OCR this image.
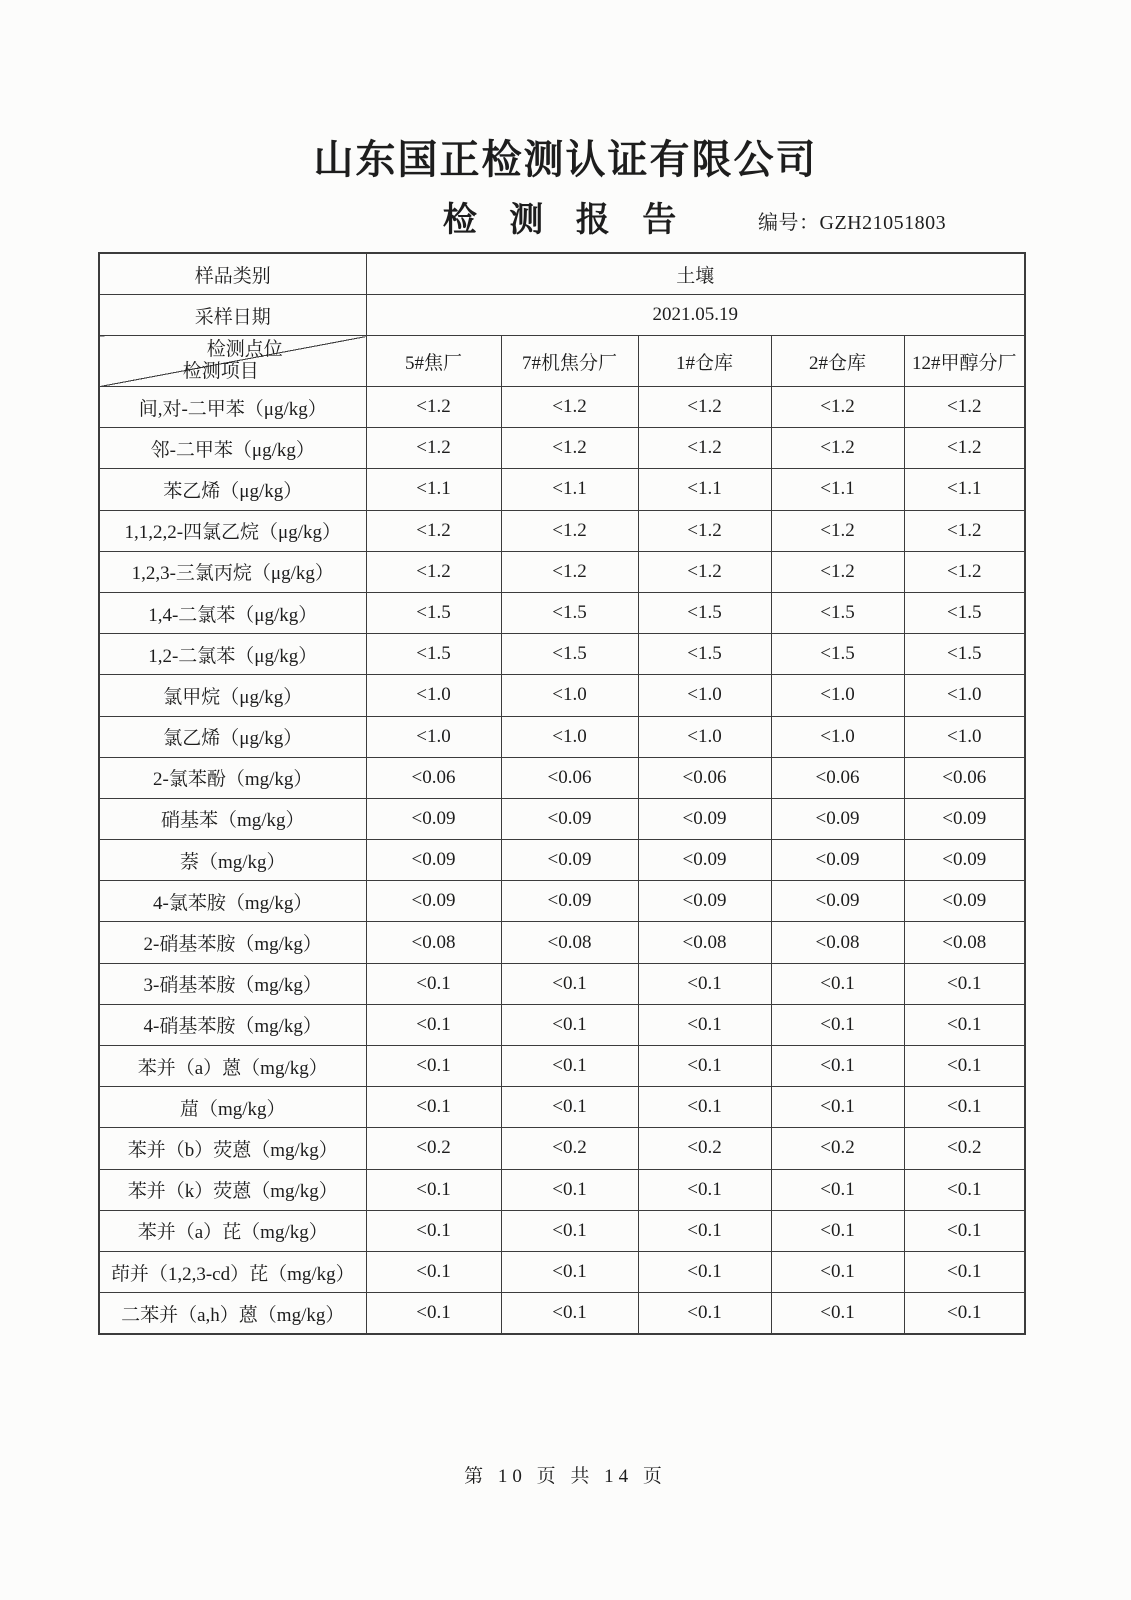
山东国正检测认证有限公司
检 测 报 告	编号：GZH21051803
样品类别	土壤				
采样日期	2021.05.19				

检测点位
检测项目	5#焦厂	7#机焦分厂	1#仓库	2#仓库	12#甲醇分厂
间,对-二甲苯（μg/kg）	<1.2	<1.2	<1.2	<1.2	<1.2
邻-二甲苯（μg/kg）	<1.2	<1.2	<1.2	<1.2	<1.2
苯乙烯（μg/kg）	<1.1	<1.1	<1.1	<1.1	<1.1
1,1,2,2-四氯乙烷（μg/kg）	<1.2	<1.2	<1.2	<1.2	<1.2
1,2,3-三氯丙烷（μg/kg）	<1.2	<1.2	<1.2	<1.2	<1.2
1,4-二氯苯（μg/kg）	<1.5	<1.5	<1.5	<1.5	<1.5
1,2-二氯苯（μg/kg）	<1.5	<1.5	<1.5	<1.5	<1.5
氯甲烷（μg/kg）	<1.0	<1.0	<1.0	<1.0	<1.0
氯乙烯（μg/kg）	<1.0	<1.0	<1.0	<1.0	<1.0
2-氯苯酚（mg/kg）	<0.06	<0.06	<0.06	<0.06	<0.06
硝基苯（mg/kg）	<0.09	<0.09	<0.09	<0.09	<0.09
萘（mg/kg）	<0.09	<0.09	<0.09	<0.09	<0.09
4-氯苯胺（mg/kg）	<0.09	<0.09	<0.09	<0.09	<0.09
2-硝基苯胺（mg/kg）	<0.08	<0.08	<0.08	<0.08	<0.08
3-硝基苯胺（mg/kg）	<0.1	<0.1	<0.1	<0.1	<0.1
4-硝基苯胺（mg/kg）	<0.1	<0.1	<0.1	<0.1	<0.1
苯并（a）蒽（mg/kg）	<0.1	<0.1	<0.1	<0.1	<0.1
䓛（mg/kg）	<0.1	<0.1	<0.1	<0.1	<0.1
苯并（b）荧蒽（mg/kg）	<0.2	<0.2	<0.2	<0.2	<0.2
苯并（k）荧蒽（mg/kg）	<0.1	<0.1	<0.1	<0.1	<0.1
苯并（a）芘（mg/kg）	<0.1	<0.1	<0.1	<0.1	<0.1
茚并（1,2,3-cd）芘（mg/kg）	<0.1	<0.1	<0.1	<0.1	<0.1
二苯并（a,h）蒽（mg/kg）	<0.1	<0.1	<0.1	<0.1	<0.1
第 10 页 共 14 页
